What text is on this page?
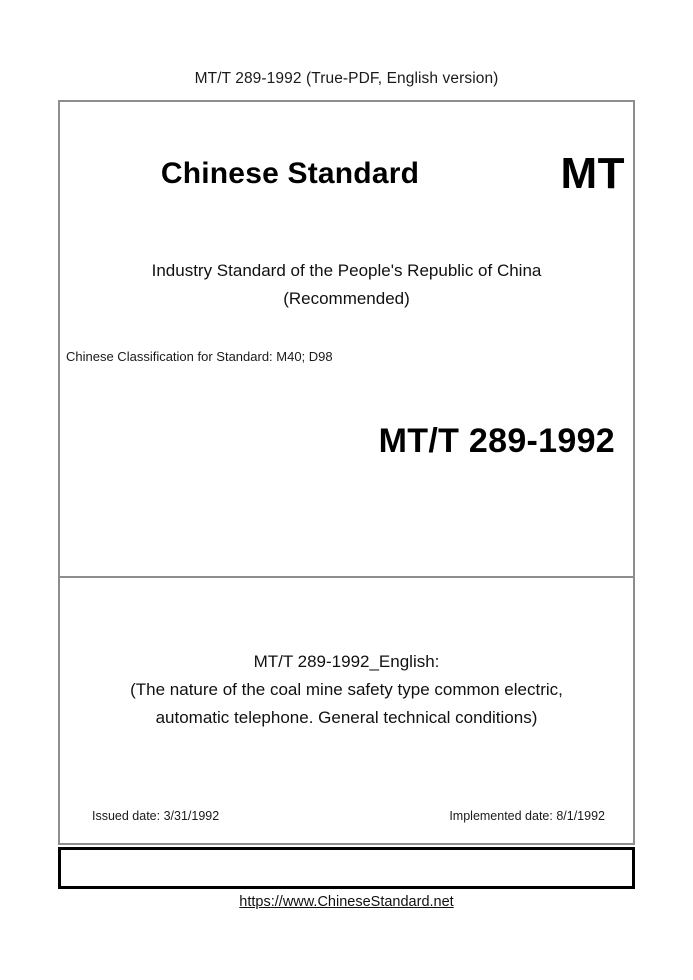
MT/T 289-1992 (True-PDF, English version)
Chinese Standard	MT
Industry Standard of the People's Republic of China
(Recommended)
Chinese Classification for Standard: M40; D98
MT/T 289-1992
MT/T 289-1992_English:
(The nature of the coal mine safety type common electric,
automatic telephone. General technical conditions)
Issued date: 3/31/1992	Implemented date: 8/1/1992
https://www.ChineseStandard.net
